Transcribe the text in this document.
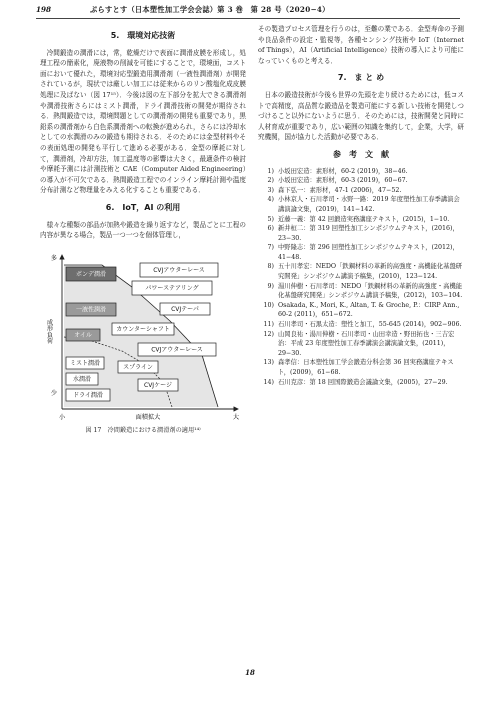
198	ぷらすとす（日本塑性加工学会会誌）第 3 巻　第 28 号（2020−4）
5.　環境対応技術

冷間鍛造の潤滑には，常，乾燥だけで表面に潤滑皮膜を形成し，処理工程の簡素化，廃液物の削減を可能にすることで，環境面，コスト面において優れた，環境対応型鍛造用潤滑剤（一液性潤滑剤）が開発されているが，現状では厳しい加工には従来からのリン酸塩化成皮膜処理に及ばない（図 17¹⁵）．今後は図の左下部分を拡大できる潤滑剤や潤滑技術さらにはミスト潤滑，ドライ潤滑技術の開発が期待される．熱間鍛造では，環境問題としての潤滑剤の開発も重要であり，黒鉛系の潤滑剤から白色系潤滑剤への転換が進められ，さらには冷却水としての水潤滑のみの鍛造も期待される．そのためには金型材料やその表面処理の開発も平行して進める必要がある．金型の摩耗に対して，潤滑剤，冷却方法，加工温度等の影響は大きく，最適条件の検討や摩耗予測には計測技術と CAE（Computer Aided Engineering）の導入が不可欠である．熱間鍛造工程でのインライン摩耗計測や温度分布計測など物理量をみえる化することも重要である．

6.　IoT，AI の利用

様々な種類の部品が加熱や鍛造を繰り返すなど，製品ごとに工程の内容が異なる場合，製品一つ一つを個体管理し，

多
少
小	大
面積拡大
成形負荷
ボンデ潤滑
一液性潤滑
オイル
ミスト潤滑
水潤滑
ドライ潤滑
CVJアウターレース
パワーステアリング
CVJテーパ
カウンターシャフト
CVJアウターレース
スプライン
CVJケージ
図 17　冷間鍛造における潤滑剤の適用¹⁴⁾

その製造プロセス管理を行うのは，至難の業である．金型寿命の予測や良品条件の設定・監視等，各種センシング技術や IoT（Internet of Things），AI（Artificial Intelligence）技術の導入により可能になっていくものと考える．

7.　ま と め

日本の鍛造技術が今後も世界の先頭を走り続けるためには，低コストで高精度，高品質な鍛造品を製造可能にする新しい技術を開発しつづけること以外にないように思う．そのためには，技術開発と同時に人材育成が重要であり，広い範囲の知識を集約して，企業，大学，研究機関，国が協力した活動が必要である．

参　考　文　献
1) 小坂田宏造：素形材，60-2 (2019)，38−46.
2) 小坂田宏造：素形材，60-3 (2019)，60−67.
3) 森下弘一：素形材，47-1 (2006)，47−52.
4) 小林京人・石川孝司・水野一路：2019 年度塑性加工春季講演会講演論文集，(2019)，141−142.
5) 近藤一義：第 42 回鍛造実務講座テキスト，(2015)，1−10.
6) 新井桓二：第 319 回塑性加工シンポジウムテキスト，(2016)，23−30.
7) 中野隆志：第 296 回塑性加工シンポジウムテキスト，(2012)，41−48.
8) 五十川孝宏：NEDO「鉄鋼材料の革新的高強度・高機能化基盤研究開発」シンポジウム講演予稿集，(2010)，123−124.
9) 湯川伸樹・石川孝司：NEDO「鉄鋼材料の革新的高強度・高機能化基盤研究開発」シンポジウム講演予稿集，(2012)，103−104.
10) Osakada, K., Mori, K., Altan, T. & Groche, P.：CIRP Ann., 60-2 (2011)，651−672.
11) 石川孝司・石黒太造：塑性と加工，55-645 (2014)，902−906.
12) 山岡良祐・湯川伸樹・石川孝司・山田幸造・野田拓也・三吉宏治：平成 23 年度塑性加工春季講演会講演論文集，(2011)，29−30.
13) 森孝信：日本塑性加工学会鍛造分科会第 36 回実務講座テキスト，(2009)，61−68.
14) 石川克彦：第 18 回国際鍛造会議論文集，(2005)，27−29.
18
